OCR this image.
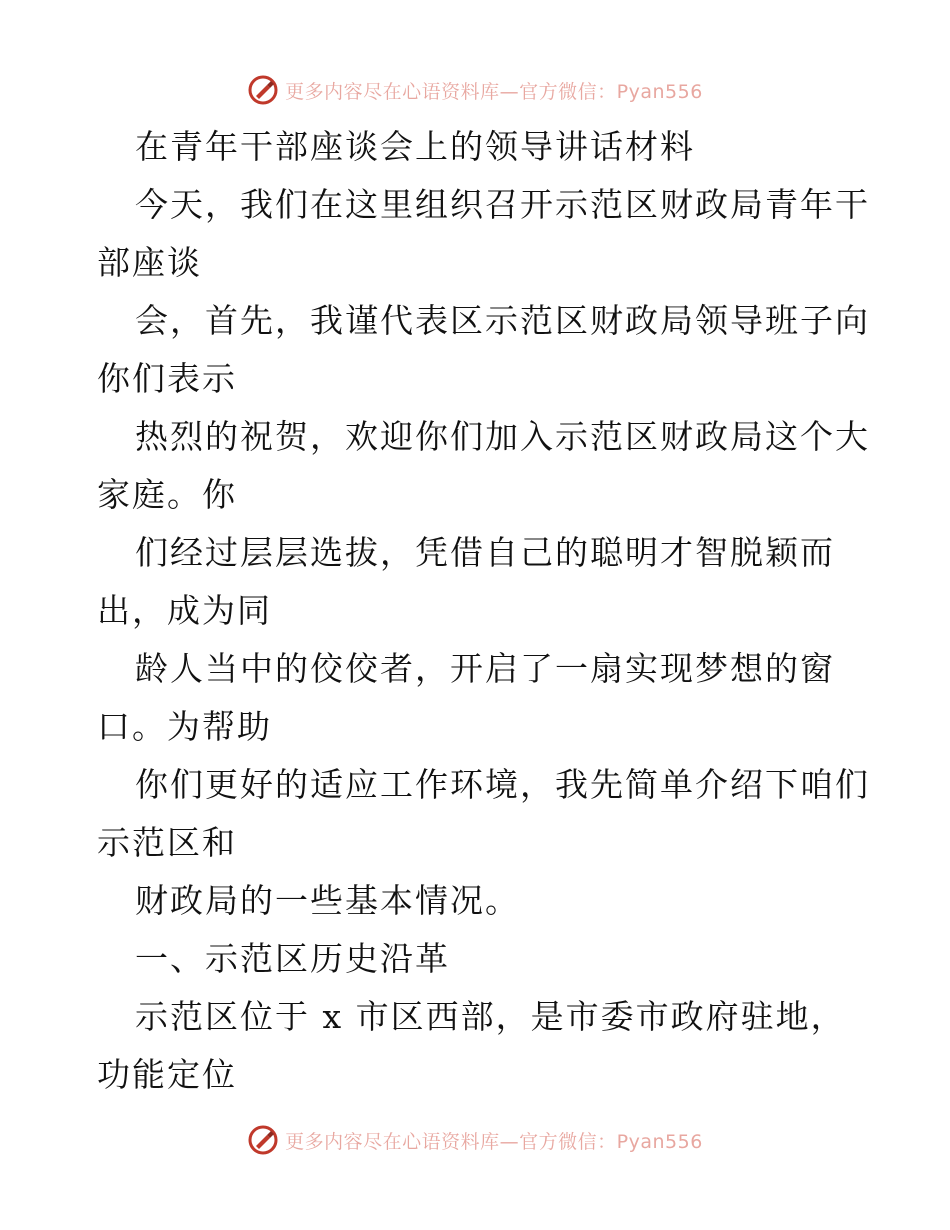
更多内容尽在心语资料库—官方微信：Pyan556
在青年干部座谈会上的领导讲话材料
今天，我们在这里组织召开示范区财政局青年干
部座谈
会，首先，我谨代表区示范区财政局领导班子向
你们表示
热烈的祝贺，欢迎你们加入示范区财政局这个大
家庭。你
们经过层层选拔，凭借自己的聪明才智脱颖而
出，成为同
龄人当中的佼佼者，开启了一扇实现梦想的窗
口。为帮助
你们更好的适应工作环境，我先简单介绍下咱们
示范区和
财政局的一些基本情况。
一、示范区历史沿革
示范区位于 x 市区西部，是市委市政府驻地，
功能定位
更多内容尽在心语资料库—官方微信：Pyan556
